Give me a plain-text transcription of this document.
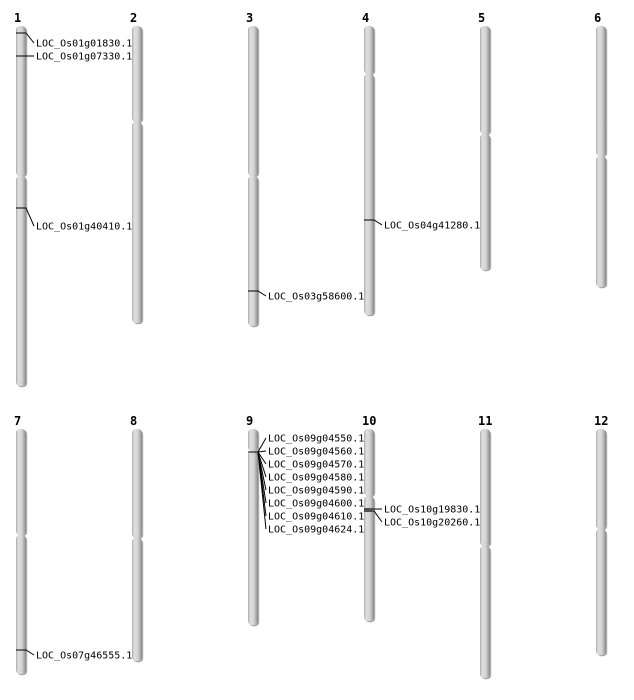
1	2	3	4	5	6
7	8	9	10	11	12
LOC_Os01g01830.1
LOC_Os01g07330.1
LOC_Os01g40410.1
LOC_Os03g58600.1
LOC_Os04g41280.1
LOC_Os07g46555.1
LOC_Os09g04550.1
LOC_Os09g04560.1
LOC_Os09g04570.1
LOC_Os09g04580.1
LOC_Os09g04590.1
LOC_Os09g04600.1
LOC_Os09g04610.1
LOC_Os09g04624.1
LOC_Os10g19830.1
LOC_Os10g20260.1
